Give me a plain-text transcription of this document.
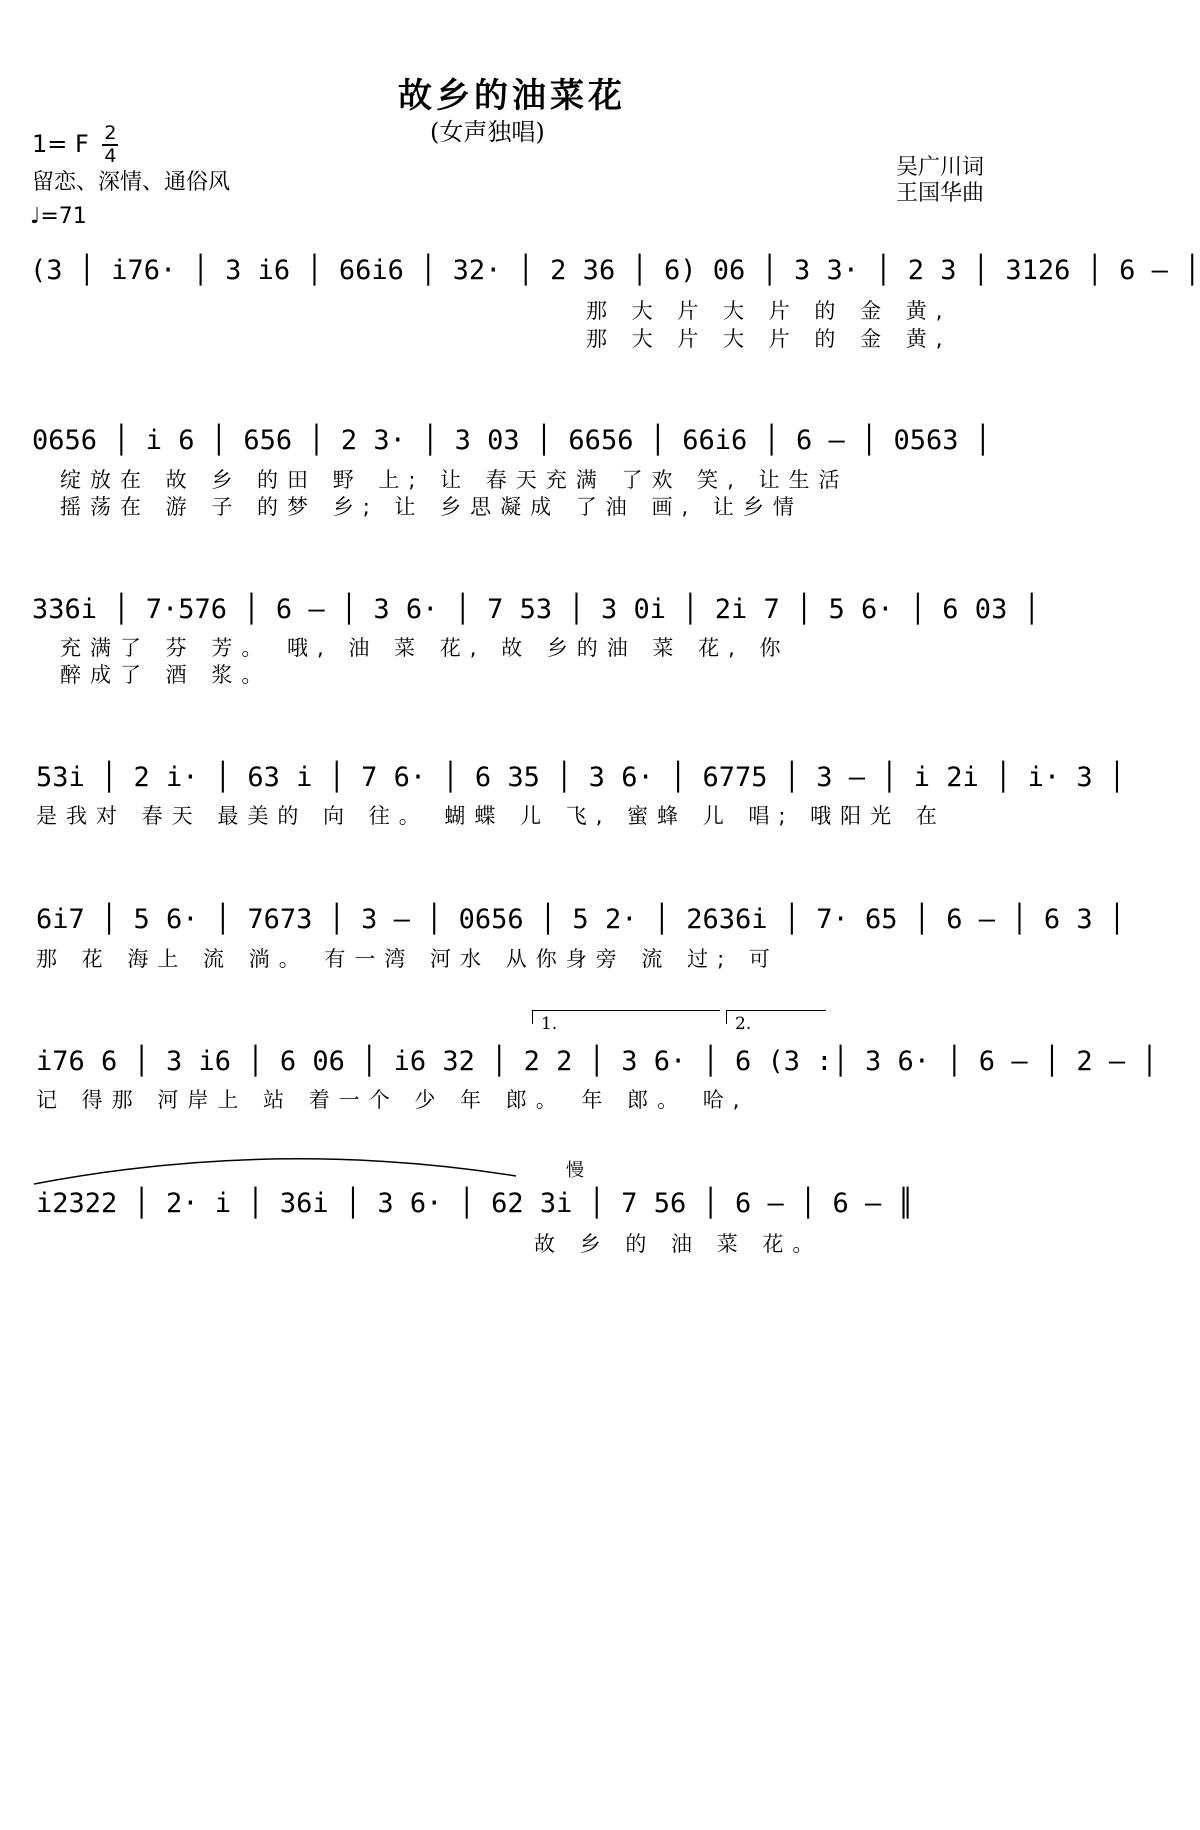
故乡的油菜花
(女声独唱)
1= F $\frac{2}{4}$
留恋、深情、通俗风
♩=71
吴广川词
王国华曲
(3 │ i76· │ 3 i6 │ 66i6 │ 32· │ 2 36 │ 6) 06 │ 3 3· │ 2 3 │ 3126 │ 6 — │
那 大 片 大 片 的 金 黄,
那 大 片 大 片 的 金 黄,
0656 │ i 6 │ 656 │ 2 3· │ 3 03 │ 6656 │ 66i6 │ 6 — │ 0563 │
绽放在 故 乡 的田 野 上; 让 春天充满 了欢 笑, 让生活
摇荡在 游 子 的梦 乡; 让 乡思凝成 了油 画, 让乡情
336i │ 7·576 │ 6 — │ 3 6· │ 7 53 │ 3 0i │ 2i 7 │ 5 6· │ 6 03 │
充满了 芬 芳。 哦, 油 菜 花, 故 乡的油 菜 花, 你
醉成了 酒 浆。
53i │ 2 i· │ 63 i │ 7 6· │ 6 35 │ 3 6· │ 6775 │ 3 — │ i 2i │ i· 3 │
是我对 春天 最美的 向 往。 蝴蝶 儿 飞, 蜜蜂 儿 唱; 哦阳光 在
6i7 │ 5 6· │ 7673 │ 3 — │ 0656 │ 5 2· │ 2636i │ 7· 65 │ 6 — │ 6 3 │
那 花 海上 流 淌。 有一湾 河水 从你身旁 流 过; 可
1.	2.
i76 6 │ 3 i6 │ 6 06 │ i6 32 │ 2 2 │ 3 6· │ 6 (3 :│ 3 6· │ 6 — │ 2 — │
记 得那 河岸上 站 着一个 少 年 郎。 年 郎。 哈,
慢
i2322 │ 2· i │ 36i │ 3 6· │ 62 3i │ 7 56 │ 6 — │ 6 — ║
故 乡 的 油 菜 花。
